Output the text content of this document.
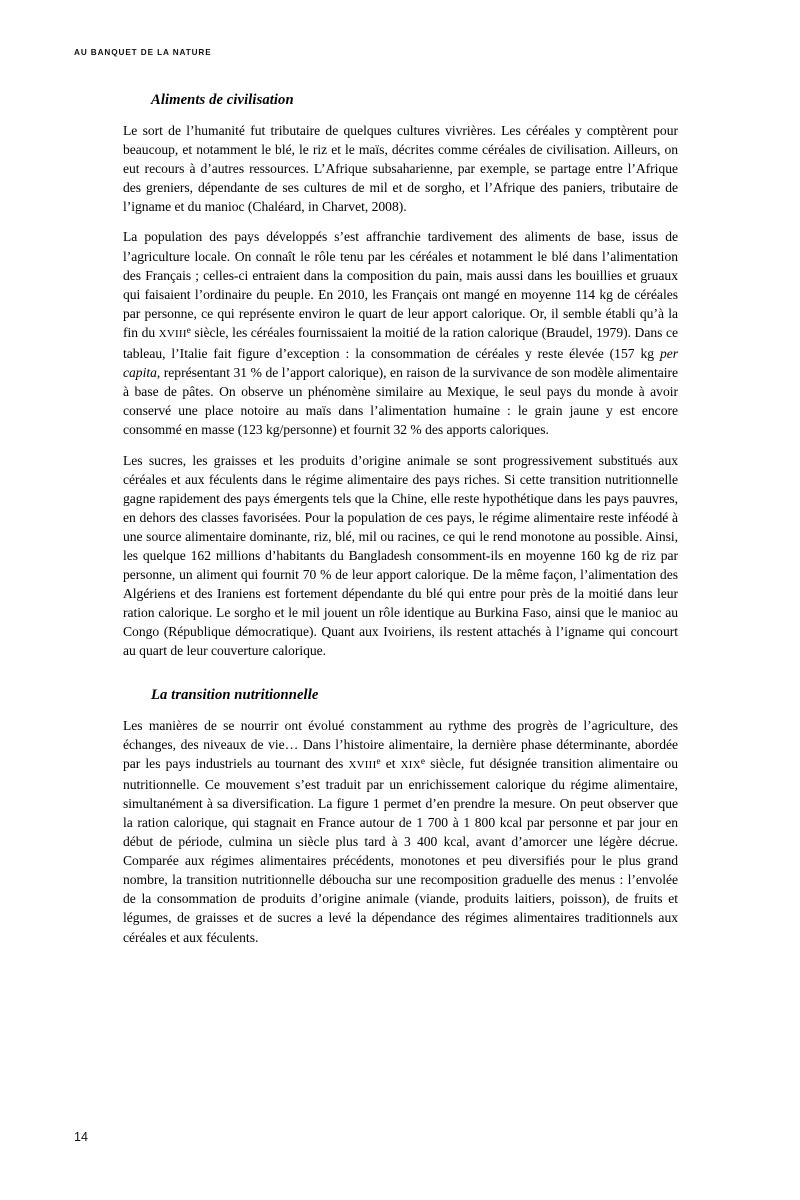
AU BANQUET DE LA NATURE
Aliments de civilisation

Le sort de l’humanité fut tributaire de quelques cultures vivrières. Les céréales y comptèrent pour beaucoup, et notamment le blé, le riz et le maïs, décrites comme céréales de civilisation. Ailleurs, on eut recours à d’autres ressources. L’Afrique subsaharienne, par exemple, se partage entre l’Afrique des greniers, dépendante de ses cultures de mil et de sorgho, et l’Afrique des paniers, tributaire de l’igname et du manioc (Chaléard, in Charvet, 2008).

La population des pays développés s’est affranchie tardivement des aliments de base, issus de l’agriculture locale. On connaît le rôle tenu par les céréales et notamment le blé dans l’alimentation des Français ; celles-ci entraient dans la composition du pain, mais aussi dans les bouillies et gruaux qui faisaient l’ordinaire du peuple. En 2010, les Français ont mangé en moyenne 114 kg de céréales par personne, ce qui représente environ le quart de leur apport calorique. Or, il semble établi qu’à la fin du XVIIIe siècle, les céréales fournissaient la moitié de la ration calorique (Braudel, 1979). Dans ce tableau, l’Italie fait figure d’exception : la consommation de céréales y reste élevée (157 kg per capita, représentant 31 % de l’apport calorique), en raison de la survivance de son modèle alimentaire à base de pâtes. On observe un phénomène similaire au Mexique, le seul pays du monde à avoir conservé une place notoire au maïs dans l’alimentation humaine : le grain jaune y est encore consommé en masse (123 kg/personne) et fournit 32 % des apports caloriques.

Les sucres, les graisses et les produits d’origine animale se sont progressivement substitués aux céréales et aux féculents dans le régime alimentaire des pays riches. Si cette transition nutritionnelle gagne rapidement des pays émergents tels que la Chine, elle reste hypothétique dans les pays pauvres, en dehors des classes favorisées. Pour la population de ces pays, le régime alimentaire reste inféodé à une source alimentaire dominante, riz, blé, mil ou racines, ce qui le rend monotone au possible. Ainsi, les quelque 162 millions d’habitants du Bangladesh consomment-ils en moyenne 160 kg de riz par personne, un aliment qui fournit 70 % de leur apport calorique. De la même façon, l’alimentation des Algériens et des Iraniens est fortement dépendante du blé qui entre pour près de la moitié dans leur ration calorique. Le sorgho et le mil jouent un rôle identique au Burkina Faso, ainsi que le manioc au Congo (République démocratique). Quant aux Ivoiriens, ils restent attachés à l’igname qui concourt au quart de leur couverture calorique.

La transition nutritionnelle

Les manières de se nourrir ont évolué constamment au rythme des progrès de l’agriculture, des échanges, des niveaux de vie… Dans l’histoire alimentaire, la dernière phase déterminante, abordée par les pays industriels au tournant des XVIIIe et XIXe siècle, fut désignée transition alimentaire ou nutritionnelle. Ce mouvement s’est traduit par un enrichissement calorique du régime alimentaire, simultanément à sa diversification. La figure 1 permet d’en prendre la mesure. On peut observer que la ration calorique, qui stagnait en France autour de 1 700 à 1 800 kcal par personne et par jour en début de période, culmina un siècle plus tard à 3 400 kcal, avant d’amorcer une légère décrue. Comparée aux régimes alimentaires précédents, monotones et peu diversifiés pour le plus grand nombre, la transition nutritionnelle déboucha sur une recomposition graduelle des menus : l’envolée de la consommation de produits d’origine animale (viande, produits laitiers, poisson), de fruits et légumes, de graisses et de sucres a levé la dépendance des régimes alimentaires traditionnels aux céréales et aux féculents.

14
